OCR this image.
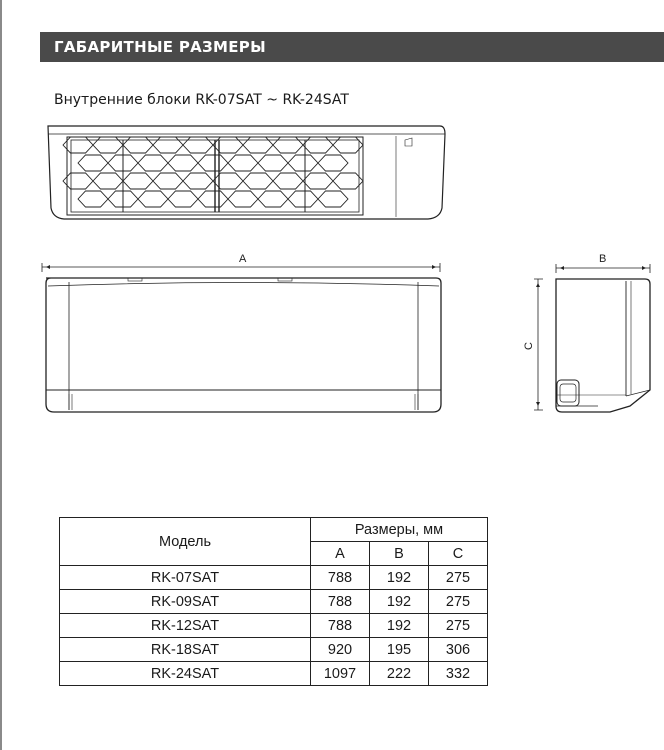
ГАБАРИТНЫЕ РАЗМЕРЫ
Внутренние блоки RK-07SAT ~ RK-24SAT
A	B
C
Модель	Размеры, мм		
	A	B	C
RK-07SAT	788	192	275
RK-09SAT	788	192	275
RK-12SAT	788	192	275
RK-18SAT	920	195	306
RK-24SAT	1097	222	332
